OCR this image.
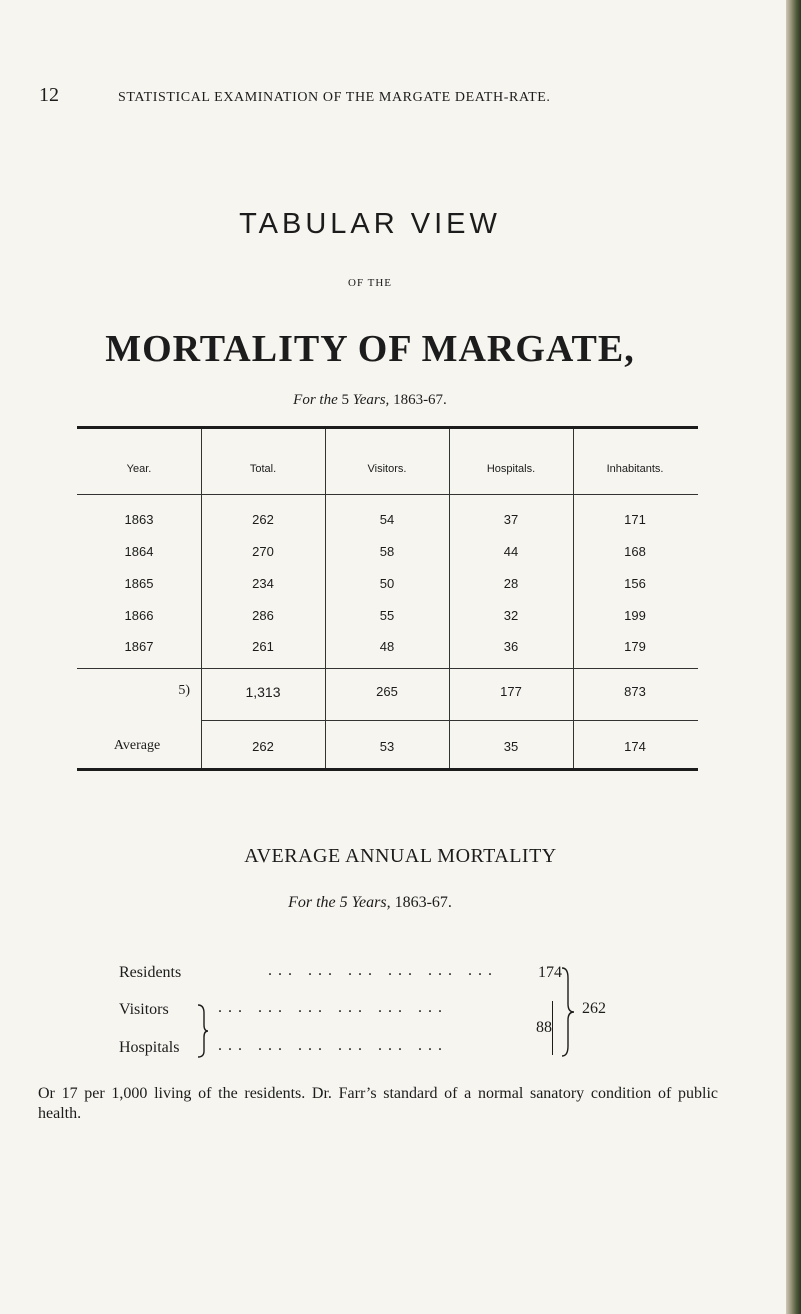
12	STATISTICAL EXAMINATION OF THE MARGATE DEATH-RATE.
TABULAR VIEW
OF THE
MORTALITY OF MARGATE,
For the 5 Years, 1863-67.
Year.	Total.	Visitors.	Hospitals.	Inhabitants.
1863	262	54	37	171
1864	270	58	44	168
1865	234	50	28	156
1866	286	55	32	199
1867	261	48	36	179
5)	1,313	265	177	873
Average	262	53	35	174
AVERAGE ANNUAL MORTALITY
For the 5 Years, 1863-67.
Residents	... ... ... ... ... ...	174
Visitors	... ... ... ... ... ...
Hospitals ... ... ... ... ... ...
88
262
Or 17 per 1,000 living of the residents. Dr. Farr’s standard of a normal sanatory condition of public health.
